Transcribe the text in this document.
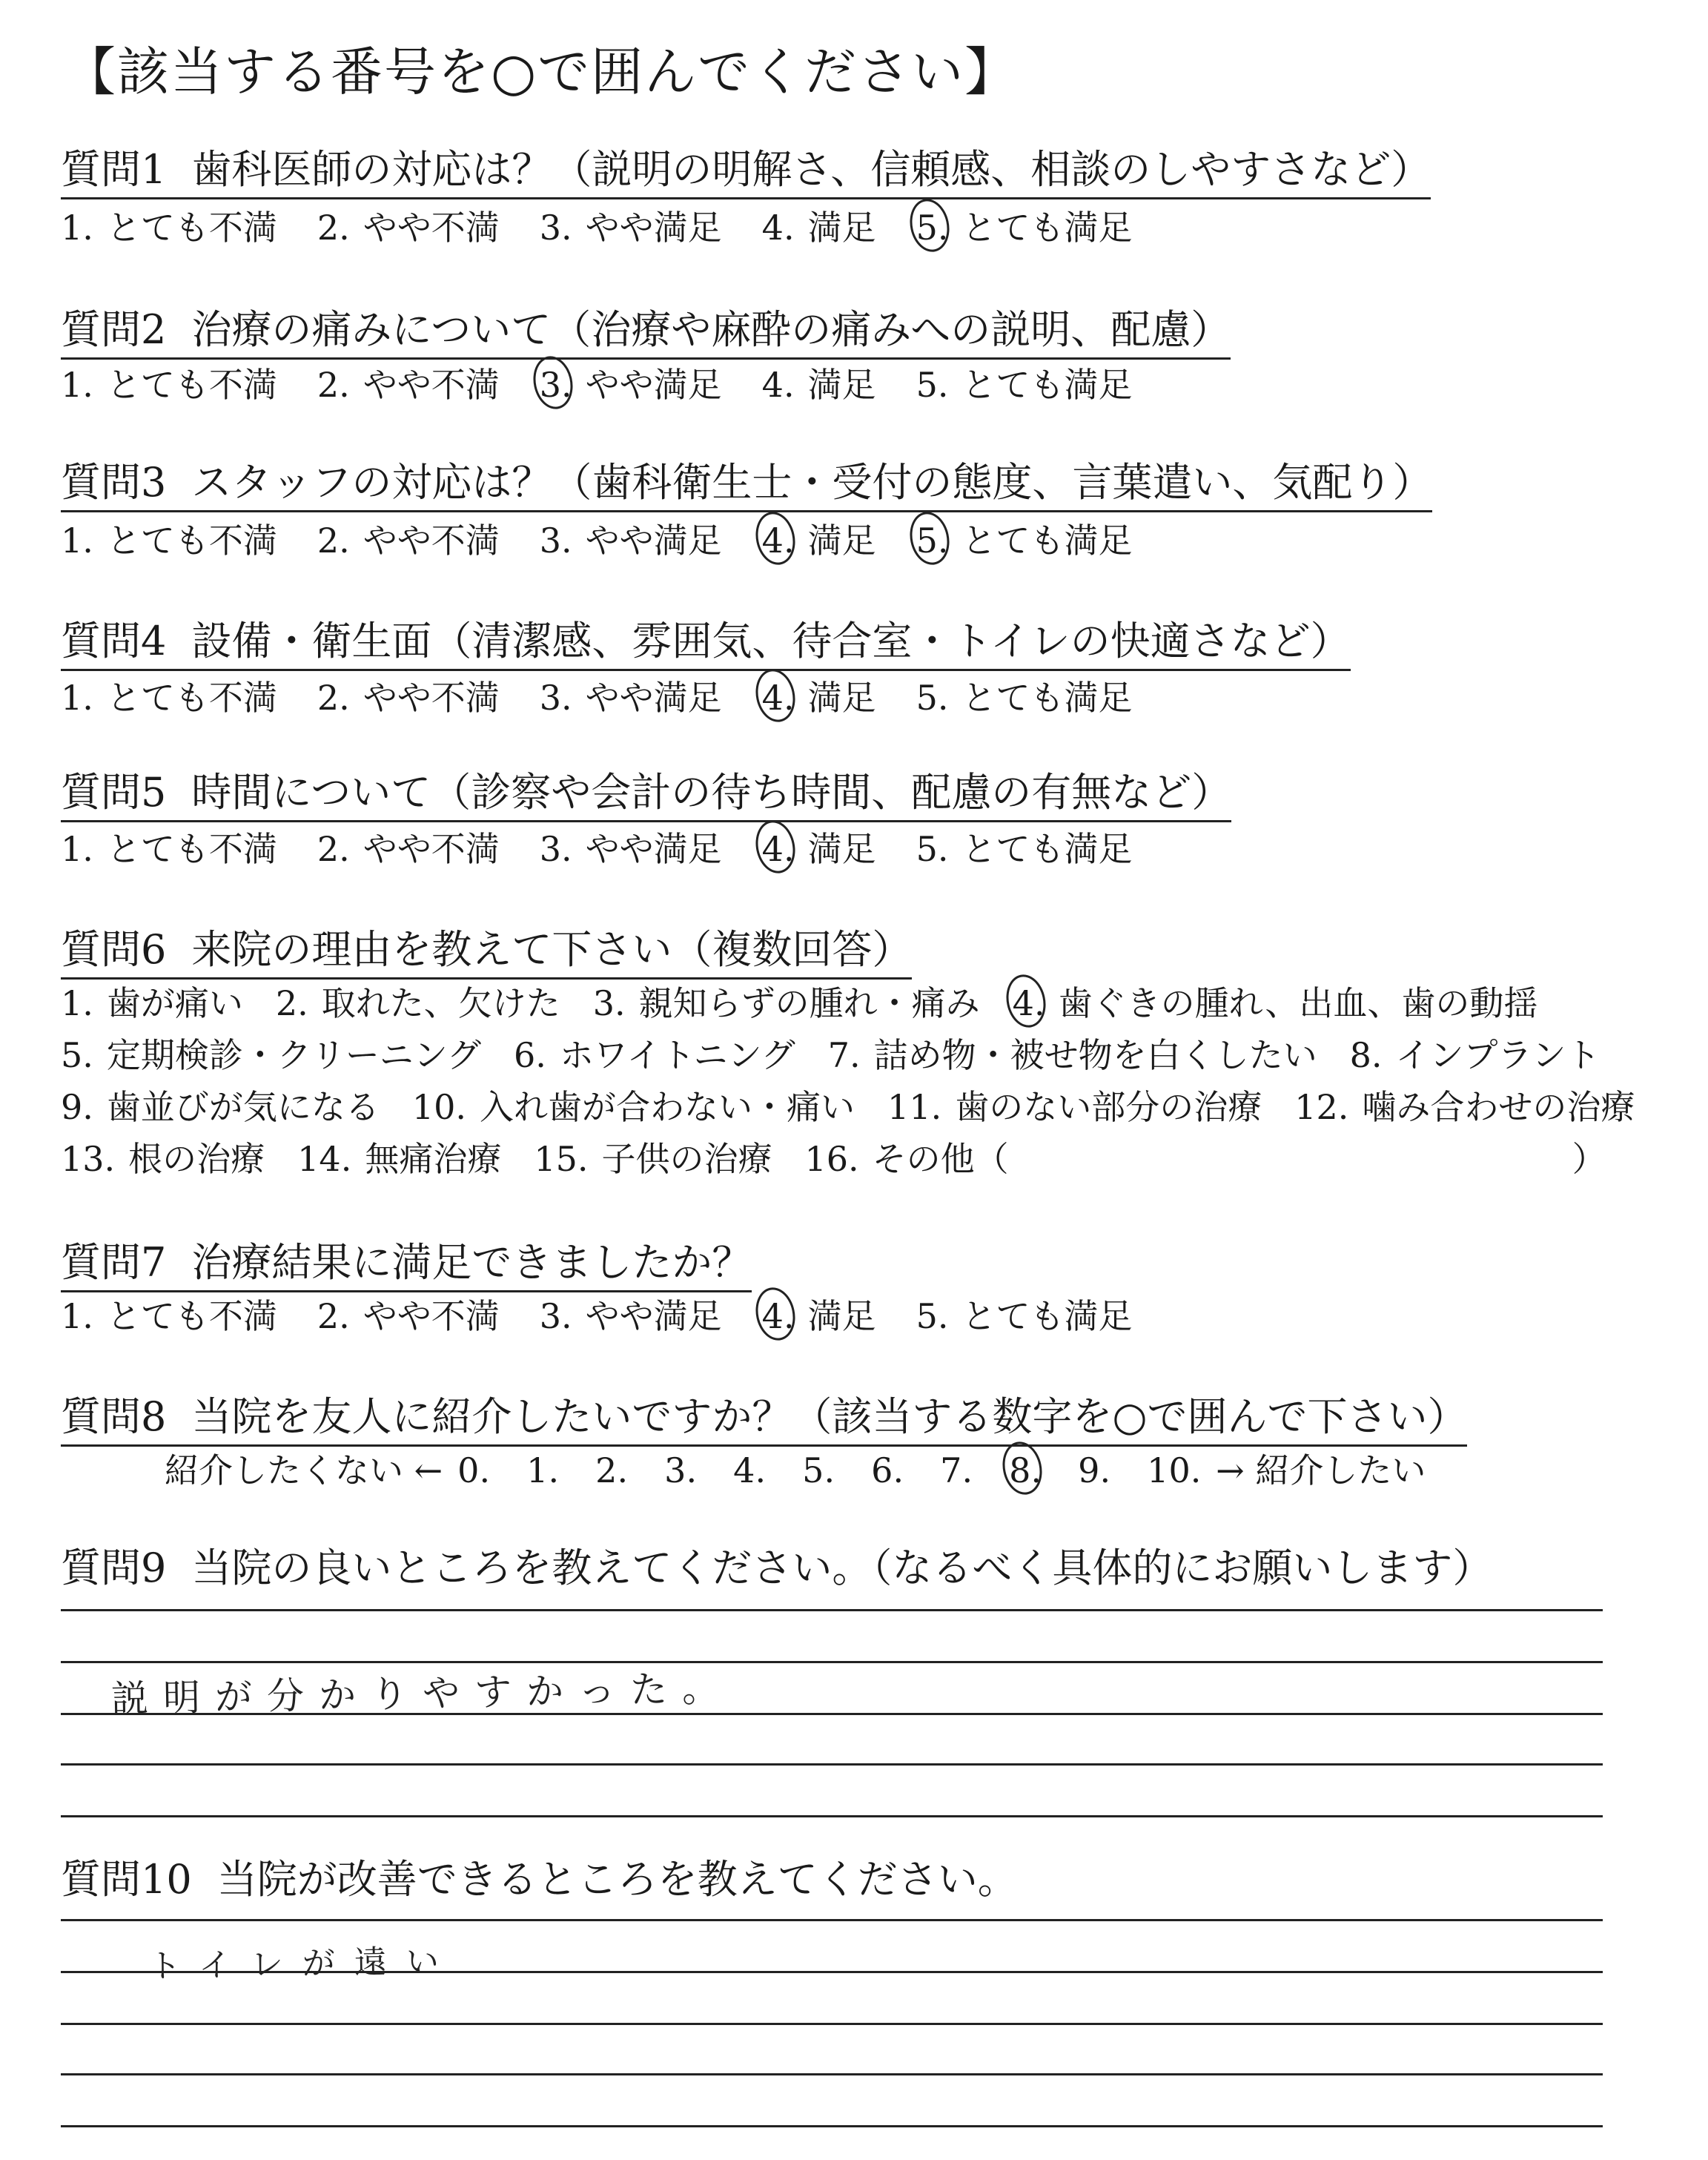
【該当する番号を○で囲んでください】
質問1 歯科医師の対応は？（説明の明解さ、信頼感、相談のしやすさなど）
1. とても不満 2. やや不満 3. やや満足 4. 満足 5. とても満足
質問2 治療の痛みについて（治療や麻酔の痛みへの説明、配慮）
1. とても不満 2. やや不満 3. やや満足 4. 満足 5. とても満足
質問3 スタッフの対応は？（歯科衛生士・受付の態度、言葉遣い、気配り）
1. とても不満 2. やや不満 3. やや満足 4. 満足 5. とても満足
質問4 設備・衛生面（清潔感、雰囲気、待合室・トイレの快適さなど）
1. とても不満 2. やや不満 3. やや満足 4. 満足 5. とても満足
質問5 時間について（診察や会計の待ち時間、配慮の有無など）
1. とても不満 2. やや不満 3. やや満足 4. 満足 5. とても満足
質問6 来院の理由を教えて下さい（複数回答）
1. 歯が痛い 2. 取れた、欠けた 3. 親知らずの腫れ・痛み 4. 歯ぐきの腫れ、出血、歯の動揺
5. 定期検診・クリーニング 6. ホワイトニング 7. 詰め物・被せ物を白くしたい 8. インプラント
9. 歯並びが気になる 10. 入れ歯が合わない・痛い 11. 歯のない部分の治療 12. 噛み合わせの治療
13. 根の治療 14. 無痛治療 15. 子供の治療 16. その他（	）
質問7 治療結果に満足できましたか？
1. とても不満 2. やや不満 3. やや満足 4. 満足 5. とても満足
質問8 当院を友人に紹介したいですか？（該当する数字を○で囲んで下さい）
紹介したくない ← 0.	1.	2.	3.	4.	5.	6.	7.	8.	9.	10. → 紹介したい
質問9 当院の良いところを教えてください。（なるべく具体的にお願いします）
説明が分かりやすかった。
質問10 当院が改善できるところを教えてください。
トイレが遠い
